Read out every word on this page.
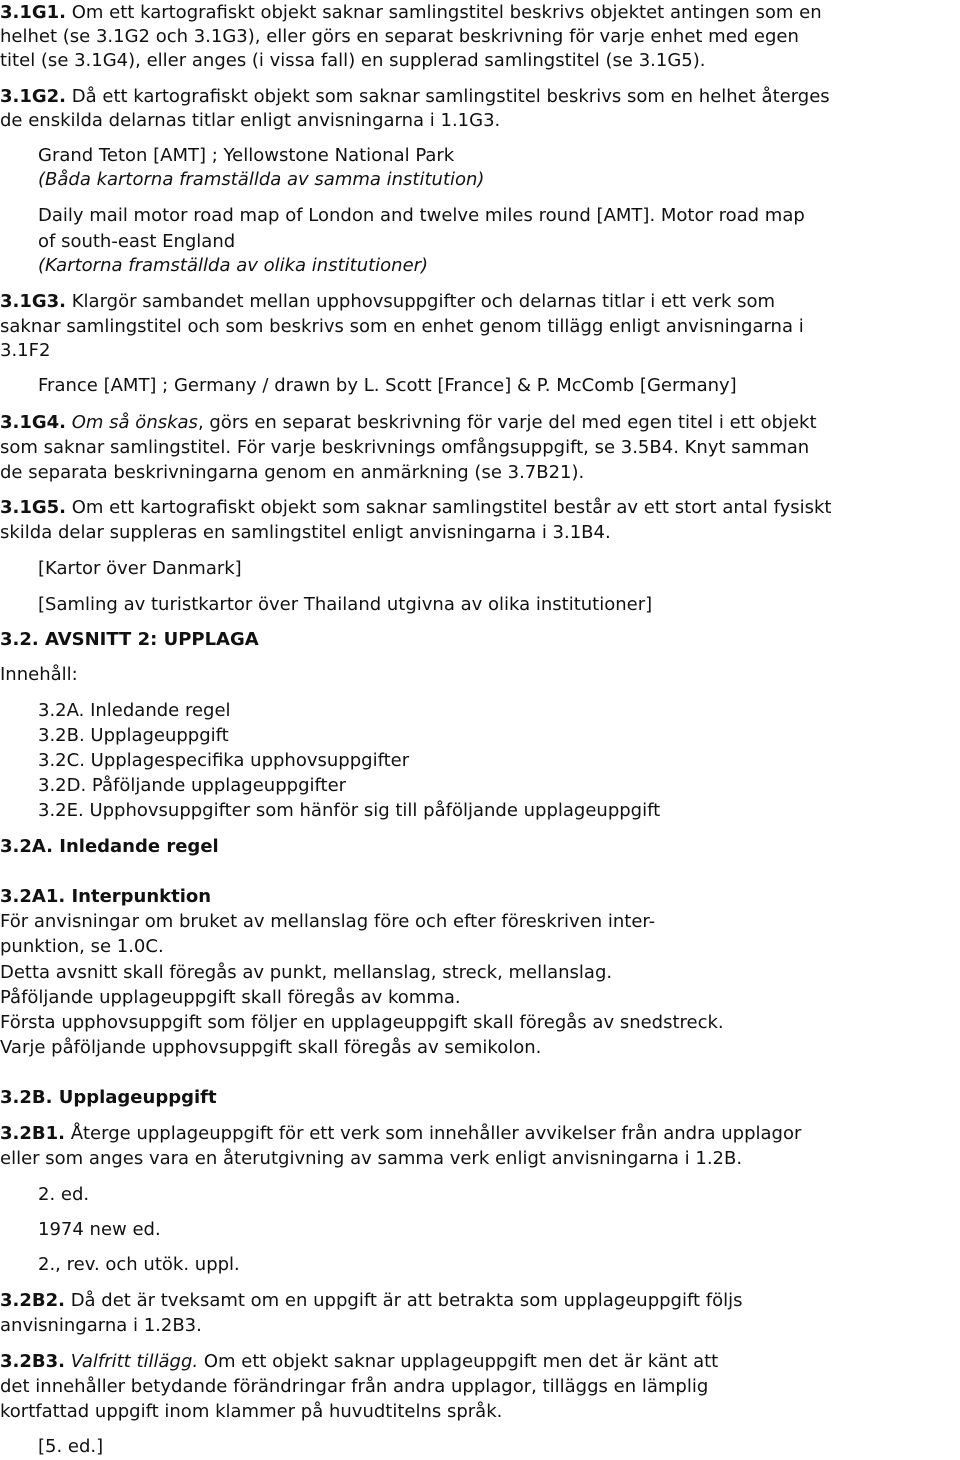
3.1G1. Om ett kartografiskt objekt saknar samlingstitel beskrivs objektet antingen som en
helhet (se 3.1G2 och 3.1G3), eller görs en separat beskrivning för varje enhet med egen
titel (se 3.1G4), eller anges (i vissa fall) en supplerad samlingstitel (se 3.1G5).
3.1G2. Då ett kartografiskt objekt som saknar samlingstitel beskrivs som en helhet återges
de enskilda delarnas titlar enligt anvisningarna i 1.1G3.
Grand Teton [AMT] ; Yellowstone National Park
(Båda kartorna framställda av samma institution)
Daily mail motor road map of London and twelve miles round [AMT]. Motor road map
of south-east England
(Kartorna framställda av olika institutioner)
3.1G3. Klargör sambandet mellan upphovsuppgifter och delarnas titlar i ett verk som
saknar samlingstitel och som beskrivs som en enhet genom tillägg enligt anvisningarna i
3.1F2
France [AMT] ; Germany / drawn by L. Scott [France] & P. McComb [Germany]
3.1G4. Om så önskas, görs en separat beskrivning för varje del med egen titel i ett objekt
som saknar samlingstitel. För varje beskrivnings omfångsuppgift, se 3.5B4. Knyt samman
de separata beskrivningarna genom en anmärkning (se 3.7B21).
3.1G5. Om ett kartografiskt objekt som saknar samlingstitel består av ett stort antal fysiskt
skilda delar suppleras en samlingstitel enligt anvisningarna i 3.1B4.
[Kartor över Danmark]
[Samling av turistkartor över Thailand utgivna av olika institutioner]
3.2. AVSNITT 2: UPPLAGA
Innehåll:
3.2A. Inledande regel
3.2B. Upplageuppgift
3.2C. Upplagespecifika upphovsuppgifter
3.2D. Påföljande upplageuppgifter
3.2E. Upphovsuppgifter som hänför sig till påföljande upplageuppgift
3.2A. Inledande regel
3.2A1. Interpunktion
För anvisningar om bruket av mellanslag före och efter föreskriven inter-
punktion, se 1.0C.
Detta avsnitt skall föregås av punkt, mellanslag, streck, mellanslag.
Påföljande upplageuppgift skall föregås av komma.
Första upphovsuppgift som följer en upplageuppgift skall föregås av snedstreck.
Varje påföljande upphovsuppgift skall föregås av semikolon.
3.2B. Upplageuppgift
3.2B1. Återge upplageuppgift för ett verk som innehåller avvikelser från andra upplagor
eller som anges vara en återutgivning av samma verk enligt anvisningarna i 1.2B.
2. ed.
1974 new ed.
2., rev. och utök. uppl.
3.2B2. Då det är tveksamt om en uppgift är att betrakta som upplageuppgift följs
anvisningarna i 1.2B3.
3.2B3. Valfritt tillägg. Om ett objekt saknar upplageuppgift men det är känt att
det innehåller betydande förändringar från andra upplagor, tilläggs en lämplig
kortfattad uppgift inom klammer på huvudtitelns språk.
[5. ed.]
